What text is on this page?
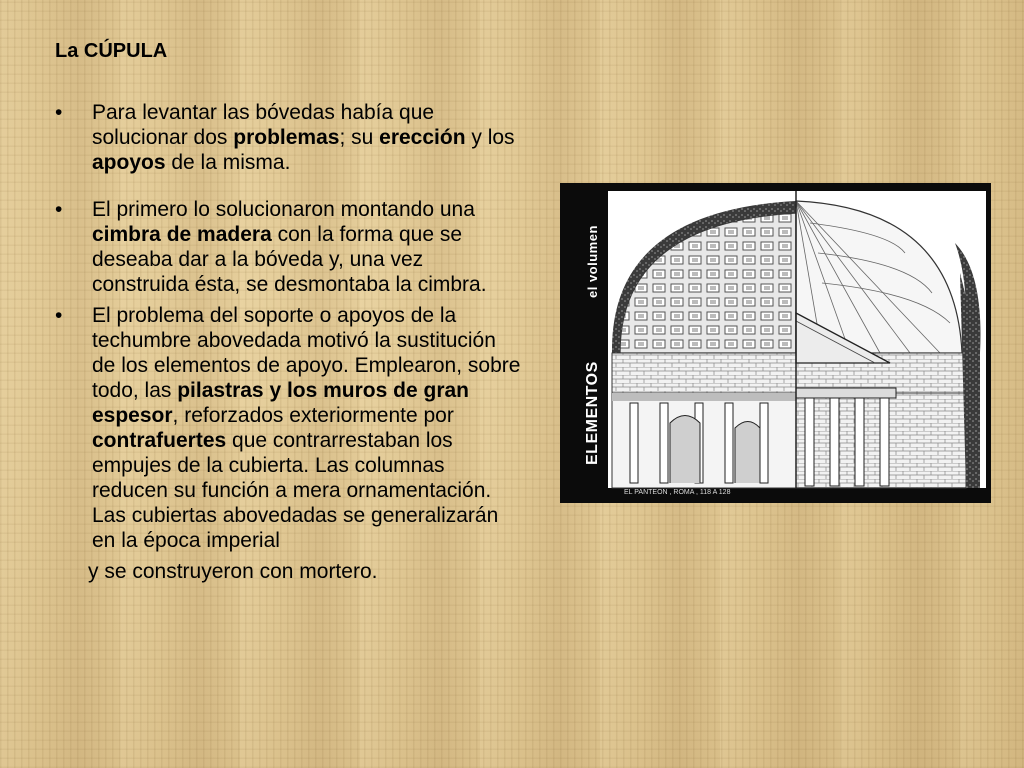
La CÚPULA
•	Para levantar las bóvedas había que solucionar dos problemas; su erección y los apoyos de la misma.
•	El primero lo solucionaron montando una cimbra de madera con la forma que se deseaba dar a la bóveda y, una vez construida ésta, se desmontaba la cimbra.
•	El problema del soporte o apoyos de la techumbre abovedada motivó la sustitución de los elementos de apoyo. Emplearon, sobre todo, las pilastras y los muros de gran espesor, reforzados exteriormente por contrafuertes que contrarrestaban los empujes de la cubierta. Las columnas reducen su función a mera ornamentación. Las cubiertas abovedadas se generalizarán en la época imperial
y se construyeron con mortero.
el volumen
ELEMENTOS
EL PANTEON , ROMA , 118 A 128
